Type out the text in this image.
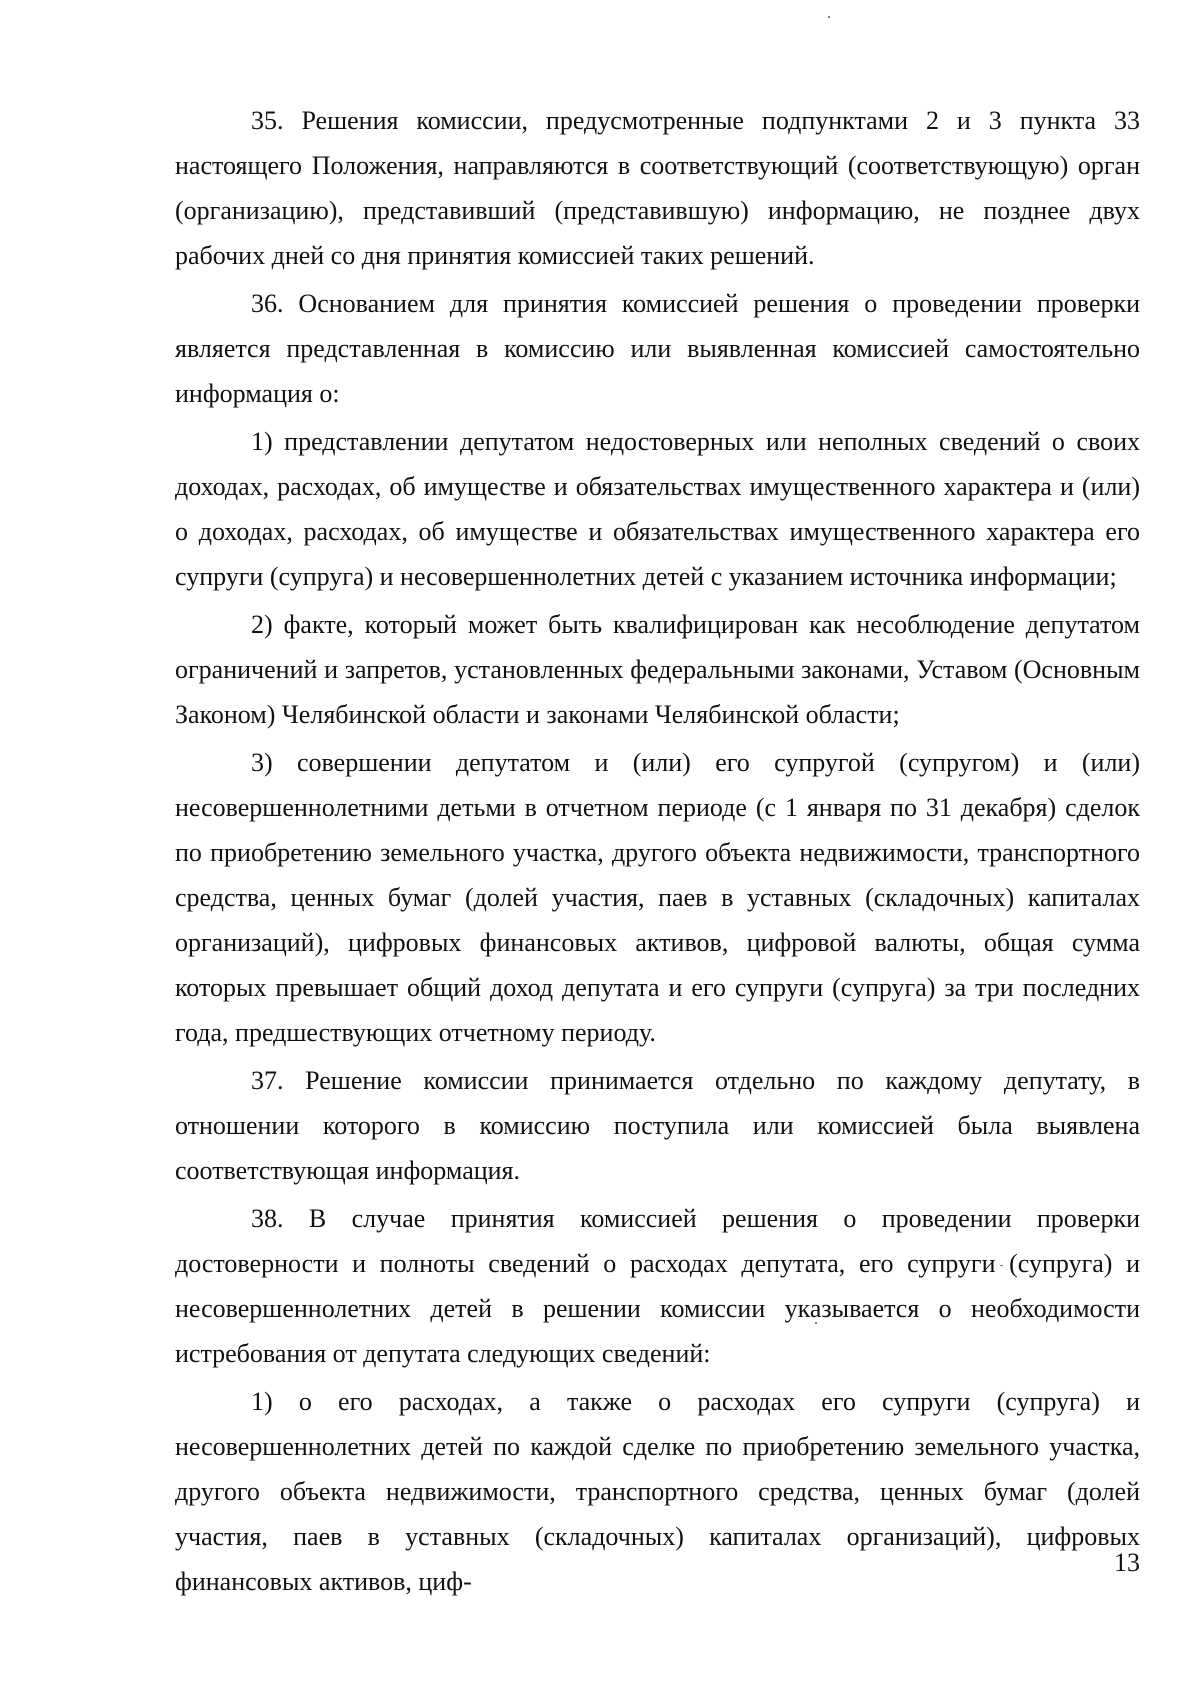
35. Решения комиссии, предусмотренные подпунктами 2 и 3 пункта 33 настоящего Положения, направляются в соответствующий (соответствующую) орган (организацию), представивший (представившую) информацию, не позднее двух рабочих дней со дня принятия комиссией таких решений.

36. Основанием для принятия комиссией решения о проведении проверки является представленная в комиссию или выявленная комиссией самостоятельно информация о:

1) представлении депутатом недостоверных или неполных сведений о своих доходах, расходах, об имуществе и обязательствах имущественного характера и (или) о доходах, расходах, об имуществе и обязательствах имущественного характера его супруги (супруга) и несовершеннолетних детей с указанием источника информации;

2) факте, который может быть квалифицирован как несоблюдение депутатом ограничений и запретов, установленных федеральными законами, Уставом (Основным Законом) Челябинской области и законами Челябинской области;

3) совершении депутатом и (или) его супругой (супругом) и (или) несовершеннолетними детьми в отчетном периоде (с 1 января по 31 декабря) сделок по приобретению земельного участка, другого объекта недвижимости, транспортного средства, ценных бумаг (долей участия, паев в уставных (складочных) капиталах организаций), цифровых финансовых активов, цифровой валюты, общая сумма которых превышает общий доход депутата и его супруги (супруга) за три последних года, предшествующих отчетному периоду.

37. Решение комиссии принимается отдельно по каждому депутату, в отношении которого в комиссию поступила или комиссией была выявлена соответствующая информация.

38. В случае принятия комиссией решения о проведении проверки достоверности и полноты сведений о расходах депутата, его супруги (супруга) и несовершеннолетних детей в решении комиссии указывается о необходимости истребования от депутата следующих сведений:

1) о его расходах, а также о расходах его супруги (супруга) и несовершеннолетних детей по каждой сделке по приобретению земельного участка, другого объекта недвижимости, транспортного средства, ценных бумаг (долей участия, паев в уставных (складочных) капиталах организаций), цифровых финансовых активов, циф-

13
